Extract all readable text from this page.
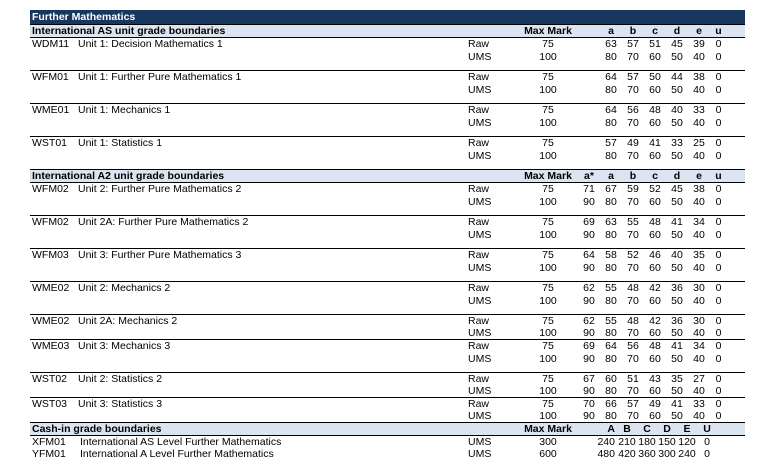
Further Mathematics
International AS unit grade boundaries	Max Mark	a	b	c	d	e	u
WDM11 Unit 1: Decision Mathematics 1	Raw	75	63 57 51 45 39	0
UMS	100	80 70 60 50 40	0
WFM01 Unit 1: Further Pure Mathematics 1	Raw	75	64 57 50 44 38	0
UMS	100	80 70 60 50 40	0
WME01 Unit 1: Mechanics 1	Raw	75	64 56 48 40 33	0
UMS	100	80 70 60 50 40	0
WST01	Unit 1: Statistics 1	Raw	75	57 49 41 33 25	0
UMS	100	80 70 60 50 40	0
International A2 unit grade boundaries	Max Mark	a*	a	b	c	d	e	u
WFM02 Unit 2: Further Pure Mathematics 2	Raw	75	71 67 59 52 45 38	0
UMS	100	90 80 70 60 50 40	0
WFM02 Unit 2A: Further Pure Mathematics 2	Raw	75	69 63 55 48 41 34	0
UMS	100	90 80 70 60 50 40	0
WFM03 Unit 3: Further Pure Mathematics 3	Raw	75	64 58 52 46 40 35	0
UMS	100	90 80 70 60 50 40	0
WME02 Unit 2: Mechanics 2	Raw	75	62 55 48 42 36 30	0
UMS	100	90 80 70 60 50 40	0
WME02 Unit 2A: Mechanics 2	Raw	75	62 55 48 42 36 30	0
UMS	100	90 80 70 60 50 40	0
WME03 Unit 3: Mechanics 3	Raw	75	69 64 56 48 41 34	0
UMS	100	90 80 70 60 50 40	0
WST02	Unit 2: Statistics 2	Raw	75	67 60 51 43 35 27	0
UMS	100	90 80 70 60 50 40	0
WST03	Unit 3: Statistics 3	Raw	75	70 66 57 49 41 33	0
UMS	100	90 80 70 60 50 40	0
Cash-in grade boundaries	Max Mark	A B	C	D	E	U
XFM01	International AS Level Further Mathematics	UMS	300	240 210 180 150 120 0
YFM01	International A Level Further Mathematics	UMS	600	480 420 360 300 240 0
